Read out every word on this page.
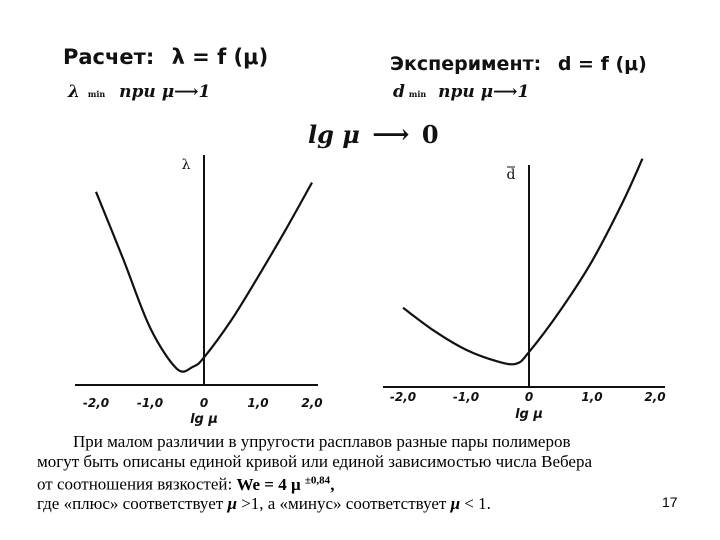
Расчет: λ = f (μ)
λ min при μ⟶1
Эксперимент: d = f (μ)
dmin при μ⟶1
lg μ ⟶ 0
-2,0 -1,0	0	1,0	2,0
lg μ
λ
-2,0	-1,0	0	1,0	2,0
lg μ
d

При малом различии в упругости расплавов разные пары полимеров

могут быть описаны единой кривой или единой зависимостью числа Вебера

от соотношения вязкостей: We = 4 μ $^{\pm 0,84}$,

где «плюс» соответствует μ >1, а «минус» соответствует μ < 1.	17
